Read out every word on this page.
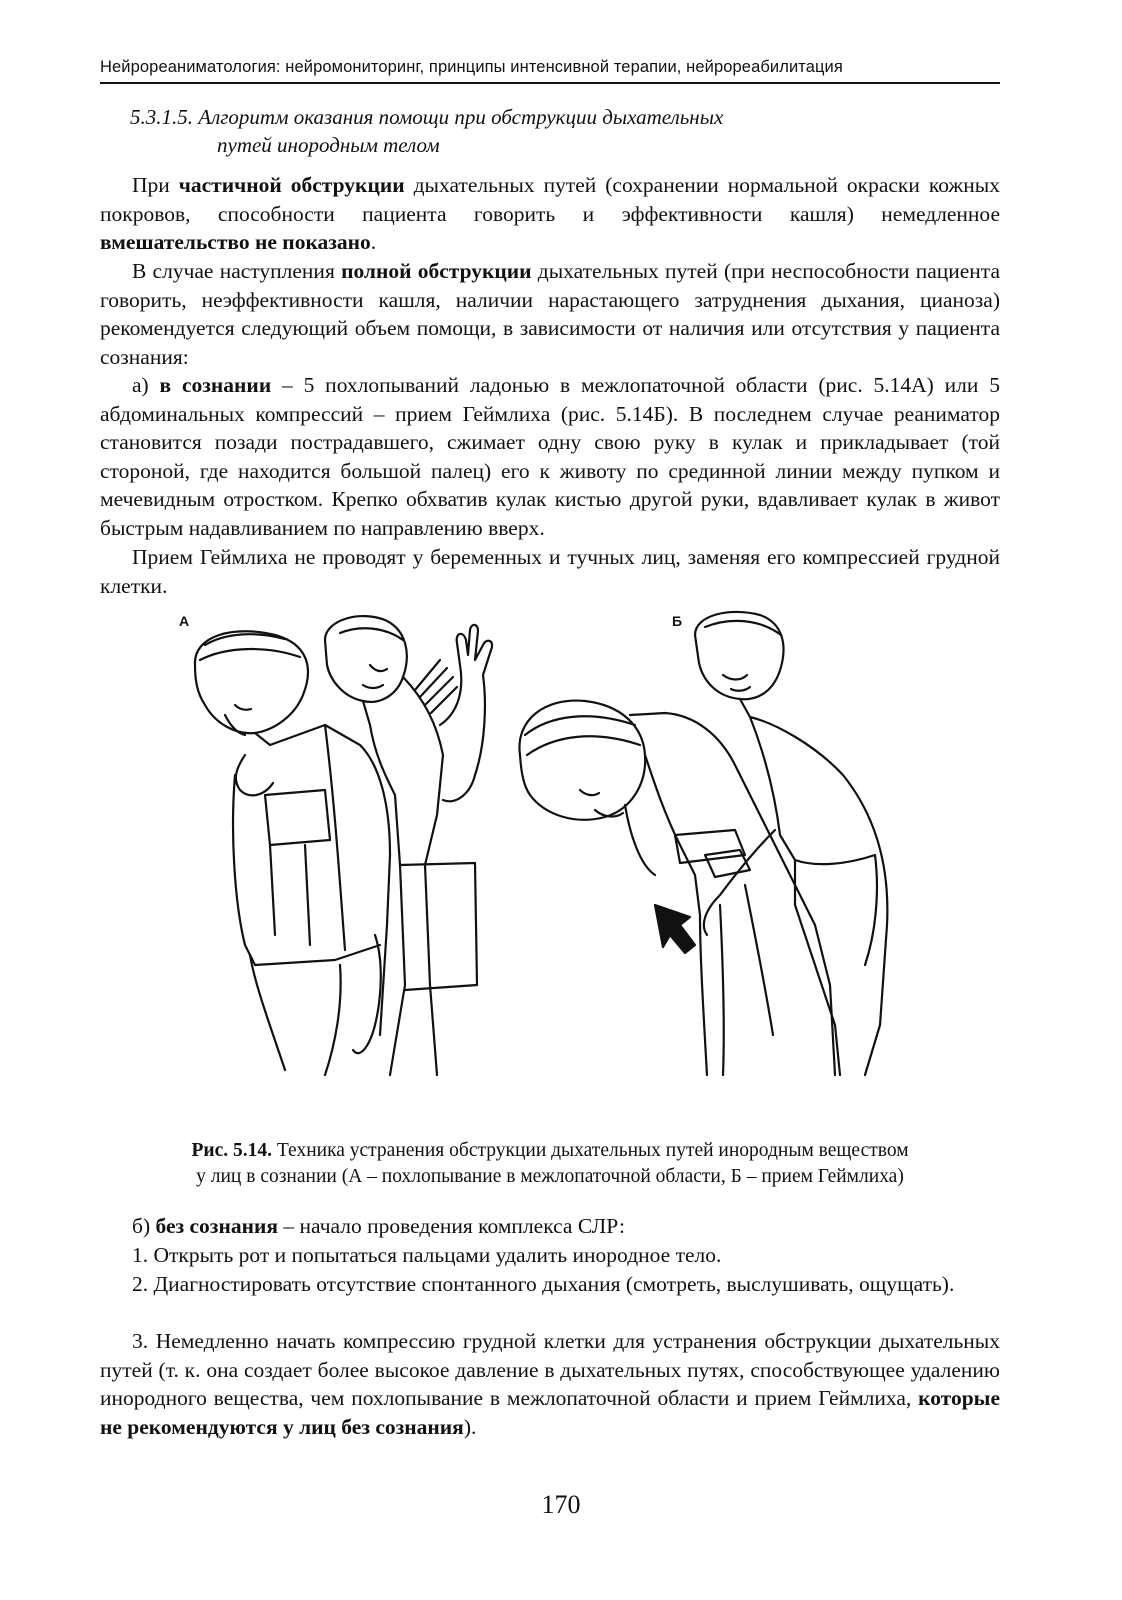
Нейрореаниматология: нейромониторинг, принципы интенсивной терапии, нейрореабилитация
5.3.1.5. Алгоритм оказания помощи при обструкции дыхательных
путей инородным телом

При частичной обструкции дыхательных путей (сохранении нормальной окраски кожных покровов, способности пациента говорить и эффективности кашля) немедленное вмешательство не показано.

В случае наступления полной обструкции дыхательных путей (при неспособности пациента говорить, неэффективности кашля, наличии нарастающего затруднения дыхания, цианоза) рекомендуется следующий объем помощи, в зависимости от наличия или отсутствия у пациента сознания:

а) в сознании – 5 похлопываний ладонью в межлопаточной области (рис. 5.14А) или 5 абдоминальных компрессий – прием Геймлиха (рис. 5.14Б). В последнем случае реаниматор становится позади пострадавшего, сжимает одну свою руку в кулак и прикладывает (той стороной, где находится большой палец) его к животу по срединной линии между пупком и мечевидным отростком. Крепко обхватив кулак кистью другой руки, вдавливает кулак в живот быстрым надавливанием по направлению вверх.

Прием Геймлиха не проводят у беременных и тучных лиц, заменяя его компрессией грудной клетки.

А	Б
Рис. 5.14. Техника устранения обструкции дыхательных путей инородным веществом
у лиц в сознании (А – похлопывание в межлопаточной области, Б – прием Геймлиха)

б) без сознания – начало проведения комплекса СЛР:

1. Открыть рот и попытаться пальцами удалить инородное тело.

2. Диагностировать отсутствие спонтанного дыхания (смотреть, выслушивать, ощущать).

3. Немедленно начать компрессию грудной клетки для устранения обструкции дыхательных путей (т. к. она создает более высокое давление в дыхательных путях, способствующее удалению инородного вещества, чем похлопывание в межлопаточной области и прием Геймлиха, которые не рекомендуются у лиц без сознания).

170
